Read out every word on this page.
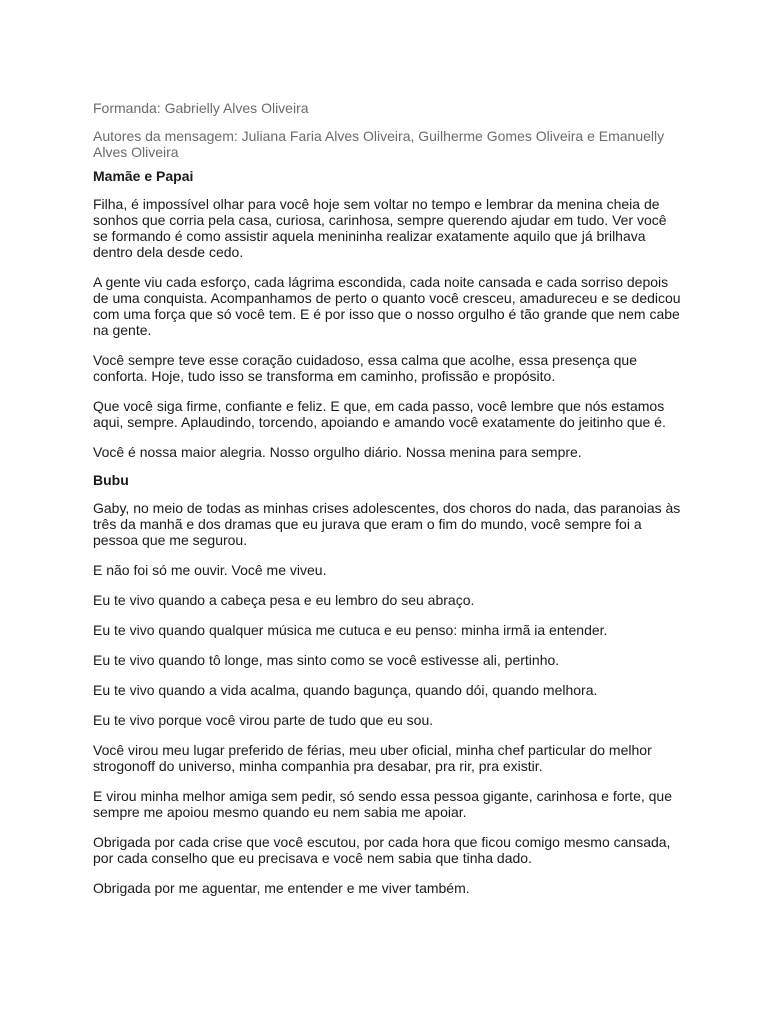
Formanda: Gabrielly Alves Oliveira

Autores da mensagem: Juliana Faria Alves Oliveira, Guilherme Gomes Oliveira e Emanuelly Alves Oliveira

Mamãe e Papai

Filha, é impossível olhar para você hoje sem voltar no tempo e lembrar da menina cheia de sonhos que corria pela casa, curiosa, carinhosa, sempre querendo ajudar em tudo. Ver você se formando é como assistir aquela menininha realizar exatamente aquilo que já brilhava dentro dela desde cedo.

A gente viu cada esforço, cada lágrima escondida, cada noite cansada e cada sorriso depois de uma conquista. Acompanhamos de perto o quanto você cresceu, amadureceu e se dedicou com uma força que só você tem. E é por isso que o nosso orgulho é tão grande que nem cabe na gente.

Você sempre teve esse coração cuidadoso, essa calma que acolhe, essa presença que conforta. Hoje, tudo isso se transforma em caminho, profissão e propósito.

Que você siga firme, confiante e feliz. E que, em cada passo, você lembre que nós estamos aqui, sempre. Aplaudindo, torcendo, apoiando e amando você exatamente do jeitinho que é.

Você é nossa maior alegria. Nosso orgulho diário. Nossa menina para sempre.

Bubu

Gaby, no meio de todas as minhas crises adolescentes, dos choros do nada, das paranoias às três da manhã e dos dramas que eu jurava que eram o fim do mundo, você sempre foi a pessoa que me segurou.

E não foi só me ouvir. Você me viveu.

Eu te vivo quando a cabeça pesa e eu lembro do seu abraço.

Eu te vivo quando qualquer música me cutuca e eu penso: minha irmã ia entender.

Eu te vivo quando tô longe, mas sinto como se você estivesse ali, pertinho.

Eu te vivo quando a vida acalma, quando bagunça, quando dói, quando melhora.

Eu te vivo porque você virou parte de tudo que eu sou.

Você virou meu lugar preferido de férias, meu uber oficial, minha chef particular do melhor strogonoff do universo, minha companhia pra desabar, pra rir, pra existir.

E virou minha melhor amiga sem pedir, só sendo essa pessoa gigante, carinhosa e forte, que sempre me apoiou mesmo quando eu nem sabia me apoiar.

Obrigada por cada crise que você escutou, por cada hora que ficou comigo mesmo cansada, por cada conselho que eu precisava e você nem sabia que tinha dado.

Obrigada por me aguentar, me entender e me viver também.
